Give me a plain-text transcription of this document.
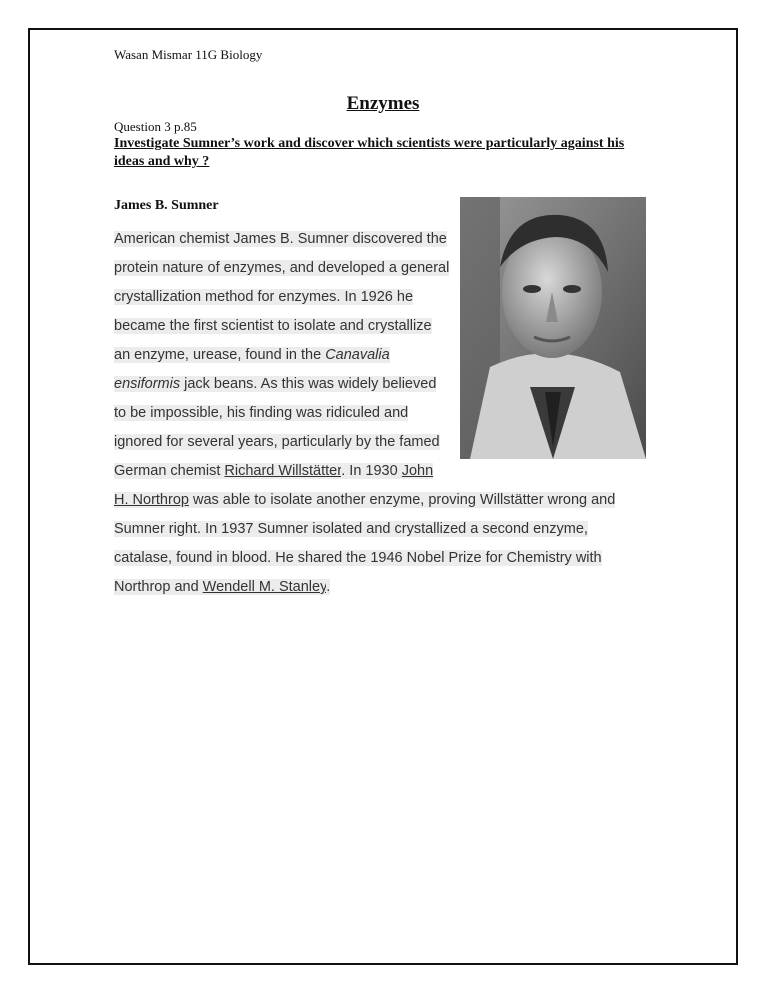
Wasan Mismar 11G Biology
Enzymes
Question 3 p.85
Investigate Sumner’s work and discover which scientists were particularly against his ideas and why ?
James B. Sumner
American chemist James B. Sumner discovered the protein nature of enzymes, and developed a general crystallization method for enzymes. In 1926 he became the first scientist to isolate and crystallize an enzyme, urease, found in the Canavalia ensiformis jack beans. As this was widely believed to be impossible, his finding was ridiculed and ignored for several years, particularly by the famed German chemist Richard Willstätter. In 1930 John H. Northrop was able to isolate another enzyme, proving Willstätter wrong and Sumner right. In 1937 Sumner isolated and crystallized a second enzyme, catalase, found in blood. He shared the 1946 Nobel Prize for Chemistry with Northrop and Wendell M. Stanley.
